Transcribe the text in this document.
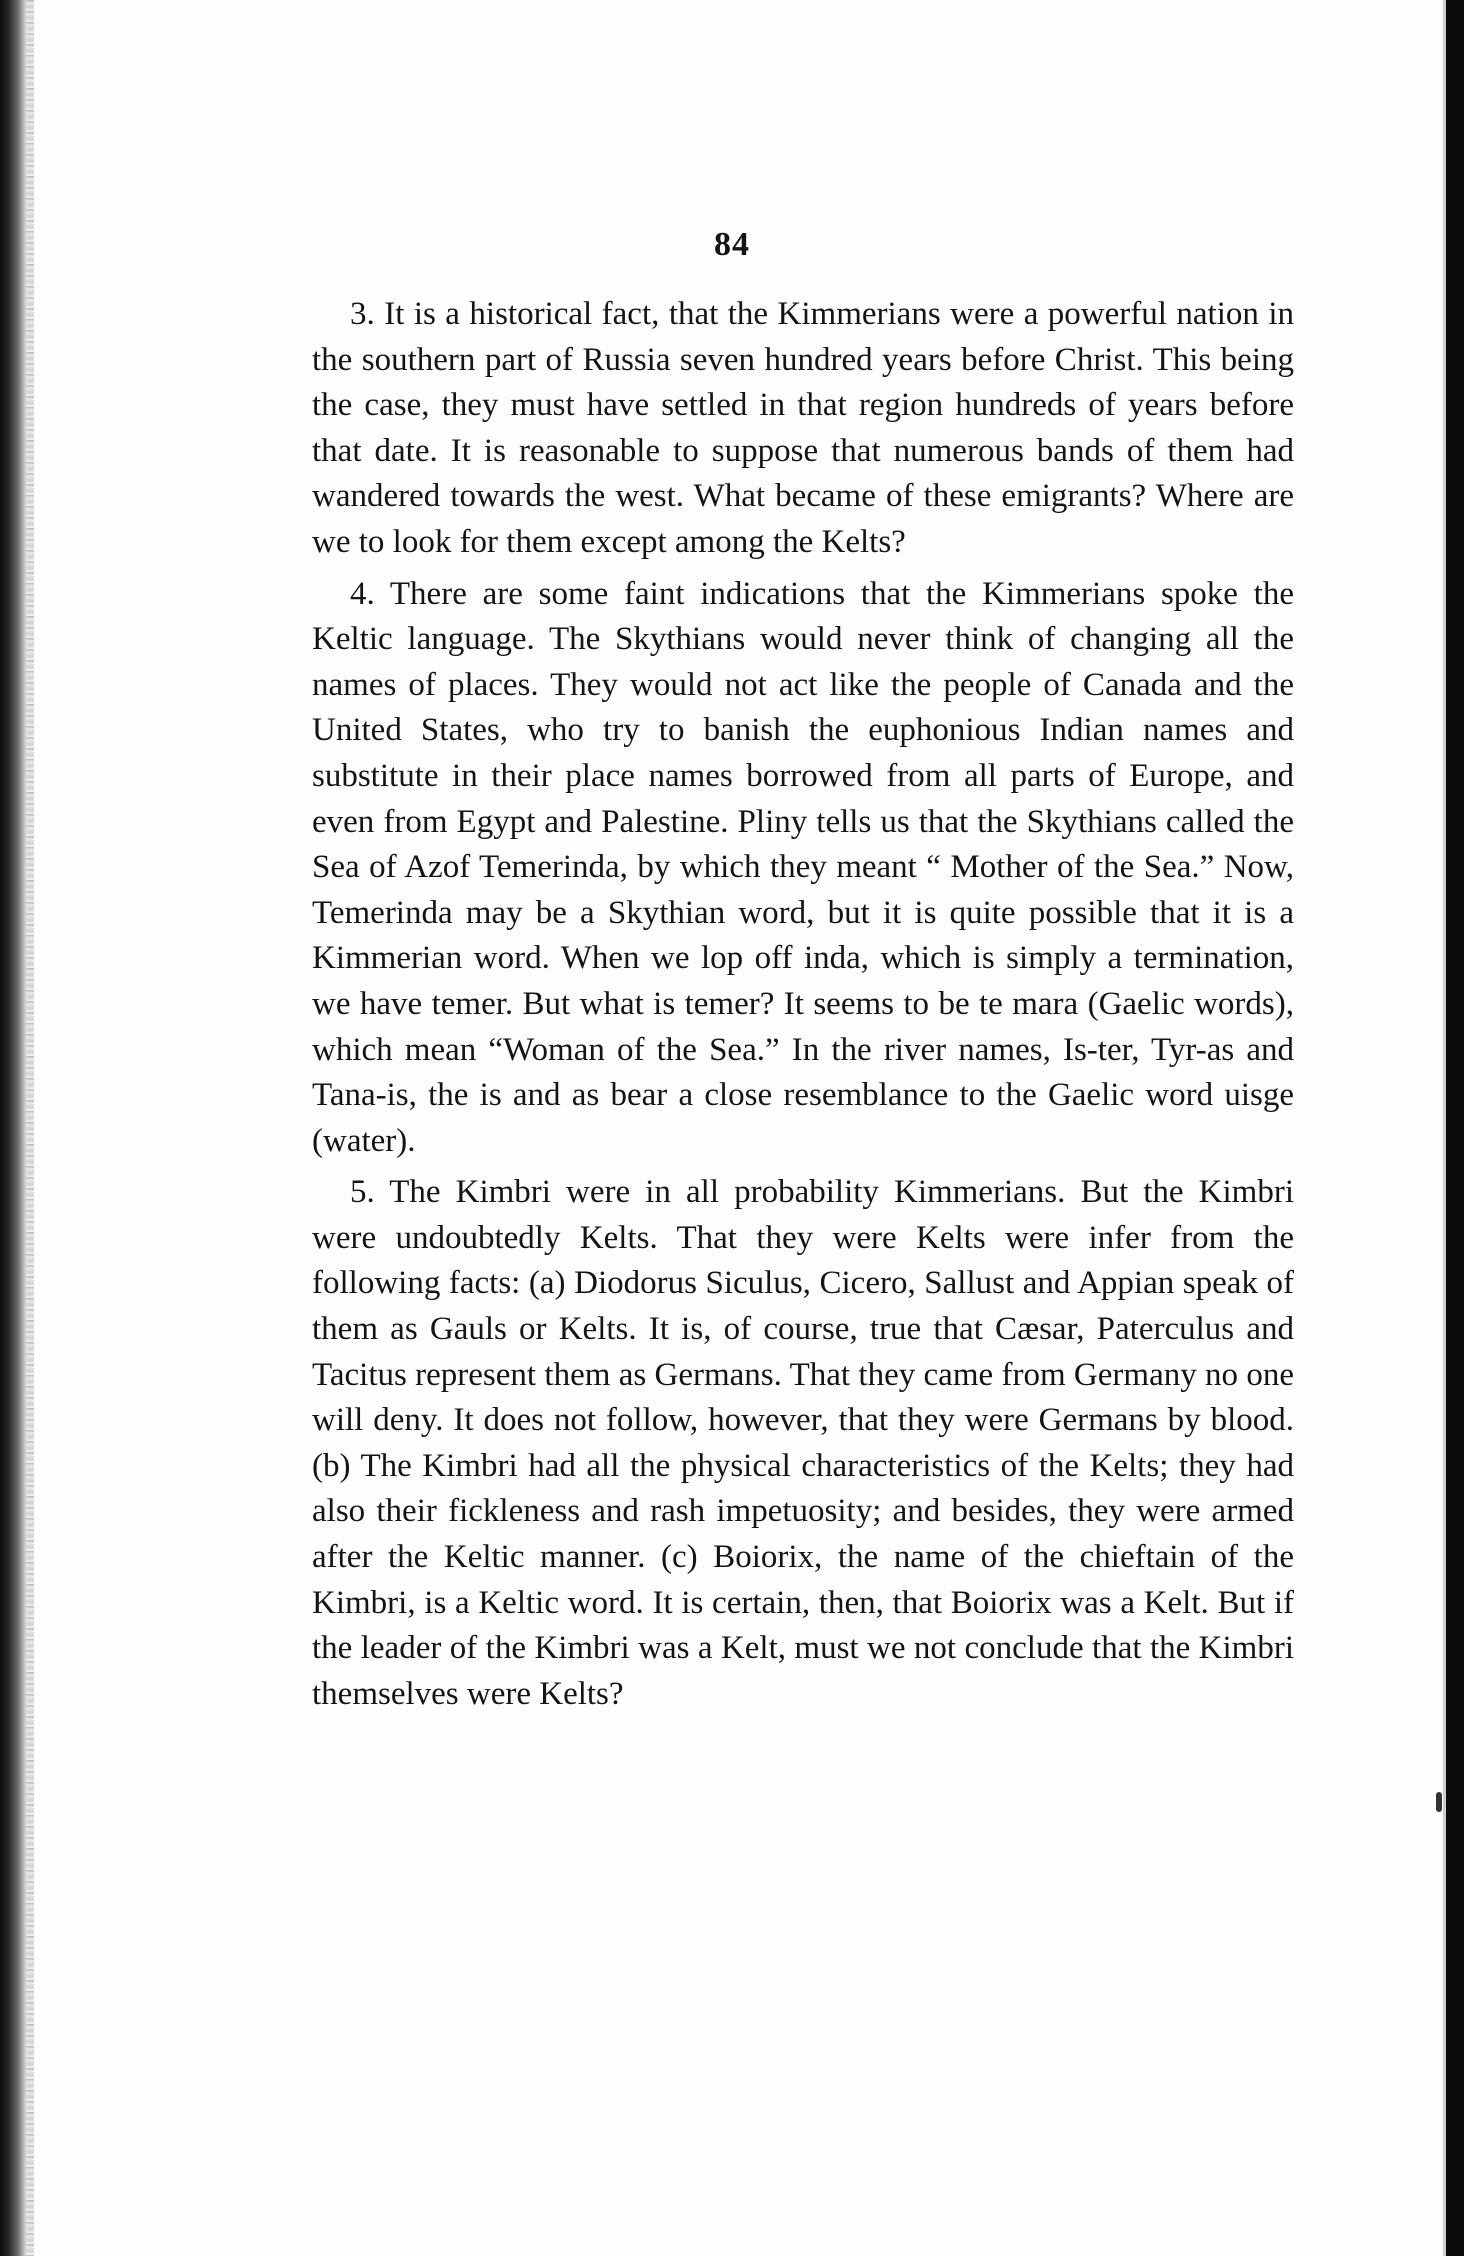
84

3. It is a historical fact, that the Kimmerians were a powerful nation in the southern part of Russia seven hundred years before Christ. This being the case, they must have settled in that region hundreds of years before that date. It is reasonable to suppose that numerous bands of them had wandered towards the west. What became of these emigrants? Where are we to look for them except among the Kelts?

4. There are some faint indications that the Kimmerians spoke the Keltic language. The Skythians would never think of changing all the names of places. They would not act like the people of Canada and the United States, who try to banish the euphonious Indian names and substitute in their place names borrowed from all parts of Europe, and even from Egypt and Palestine. Pliny tells us that the Skythians called the Sea of Azof Temerinda, by which they meant “ Mother of the Sea.” Now, Temerinda may be a Skythian word, but it is quite possible that it is a Kimmerian word. When we lop off inda, which is simply a termination, we have temer. But what is temer? It seems to be te mara (Gaelic words), which mean “Woman of the Sea.” In the river names, Is-ter, Tyr-as and Tana-is, the is and as bear a close resemblance to the Gaelic word uisge (water).

5. The Kimbri were in all probability Kimmerians. But the Kimbri were undoubtedly Kelts. That they were Kelts were infer from the following facts: (a) Diodorus Siculus, Cicero, Sallust and Appian speak of them as Gauls or Kelts. It is, of course, true that Cæsar, Paterculus and Tacitus represent them as Germans. That they came from Germany no one will deny. It does not follow, however, that they were Germans by blood. (b) The Kimbri had all the physical characteristics of the Kelts; they had also their fickleness and rash impetuosity; and besides, they were armed after the Keltic manner. (c) Boiorix, the name of the chieftain of the Kimbri, is a Keltic word. It is certain, then, that Boiorix was a Kelt. But if the leader of the Kimbri was a Kelt, must we not conclude that the Kimbri themselves were Kelts?
